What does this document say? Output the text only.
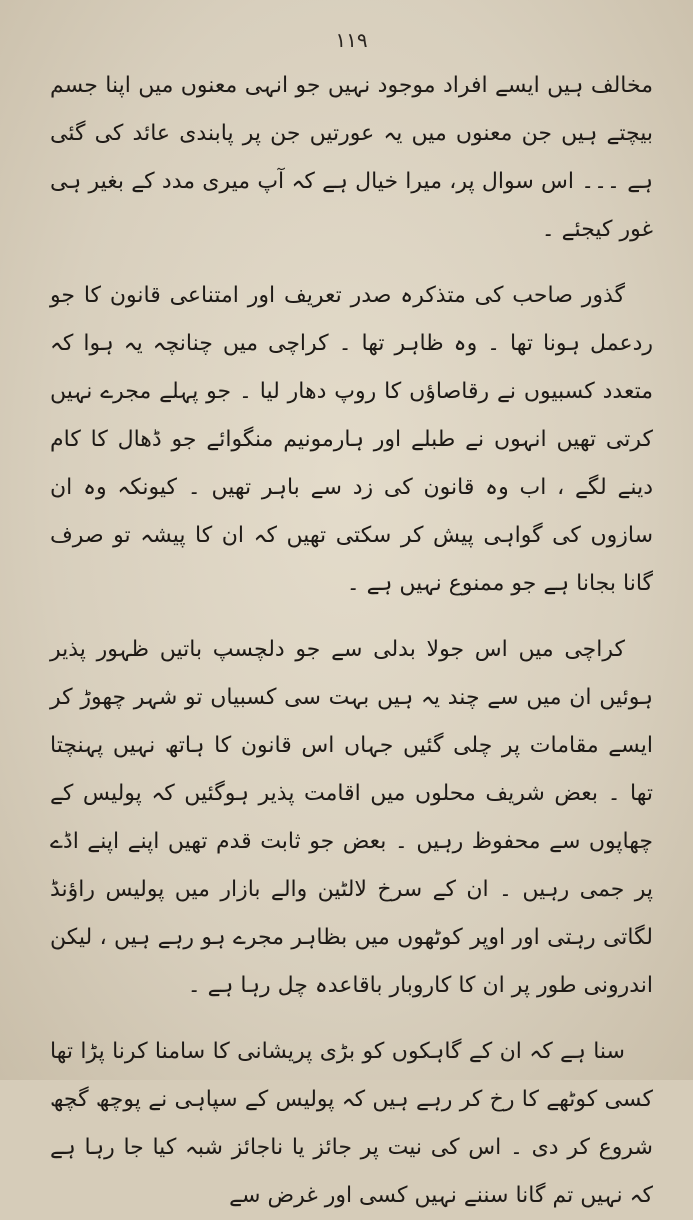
۱۱۹

مخالف ہیں ایسے افراد موجود نہیں جو انہی معنوں میں اپنا جسم بیچتے ہیں جن معنوں میں یہ عورتیں جن پر پابندی عائد کی گئی ہے ۔۔۔ اس سوال پر، میرا خیال ہے کہ آپ میری مدد کے بغیر ہی غور کیجئے ۔

گذور صاحب کی متذکرہ صدر تعریف اور امتناعی قانون کا جو ردعمل ہونا تھا ۔ وہ ظاہر تھا ۔ کراچی میں چنانچہ یہ ہوا کہ متعدد کسبیوں نے رقاصاؤں کا روپ دھار لیا ۔ جو پہلے مجرے نہیں کرتی تھیں انہوں نے طبلے اور ہارمونیم منگوائے جو ڈھال کا کام دینے لگے ، اب وہ قانون کی زد سے باہر تھیں ۔ کیونکہ وہ ان سازوں کی گواہی پیش کر سکتی تھیں کہ ان کا پیشہ تو صرف گانا بجانا ہے جو ممنوع نہیں ہے ۔

کراچی میں اس جولا بدلی سے جو دلچسپ باتیں ظہور پذیر ہوئیں ان میں سے چند یہ ہیں بہت سی کسبیاں تو شہر چھوڑ کر ایسے مقامات پر چلی گئیں جہاں اس قانون کا ہاتھ نہیں پہنچتا تھا ۔ بعض شریف محلوں میں اقامت پذیر ہوگئیں کہ پولیس کے چھاپوں سے محفوظ رہیں ۔ بعض جو ثابت قدم تھیں اپنے اپنے اڈے پر جمی رہیں ۔ ان کے سرخ لالٹین والے بازار میں پولیس راؤنڈ لگاتی رہتی اور اوپر کوٹھوں میں بظاہر مجرے ہو رہے ہیں ، لیکن اندرونی طور پر ان کا کاروبار باقاعدہ چل رہا ہے ۔

سنا ہے کہ ان کے گاہکوں کو بڑی پریشانی کا سامنا کرنا پڑا تھا کسی کوٹھے کا رخ کر رہے ہیں کہ پولیس کے سپاہی نے پوچھ گچھ شروع کر دی ۔ اس کی نیت پر جائز یا ناجائز شبہ کیا جا رہا ہے کہ نہیں تم گانا سننے نہیں کسی اور غرض سے
